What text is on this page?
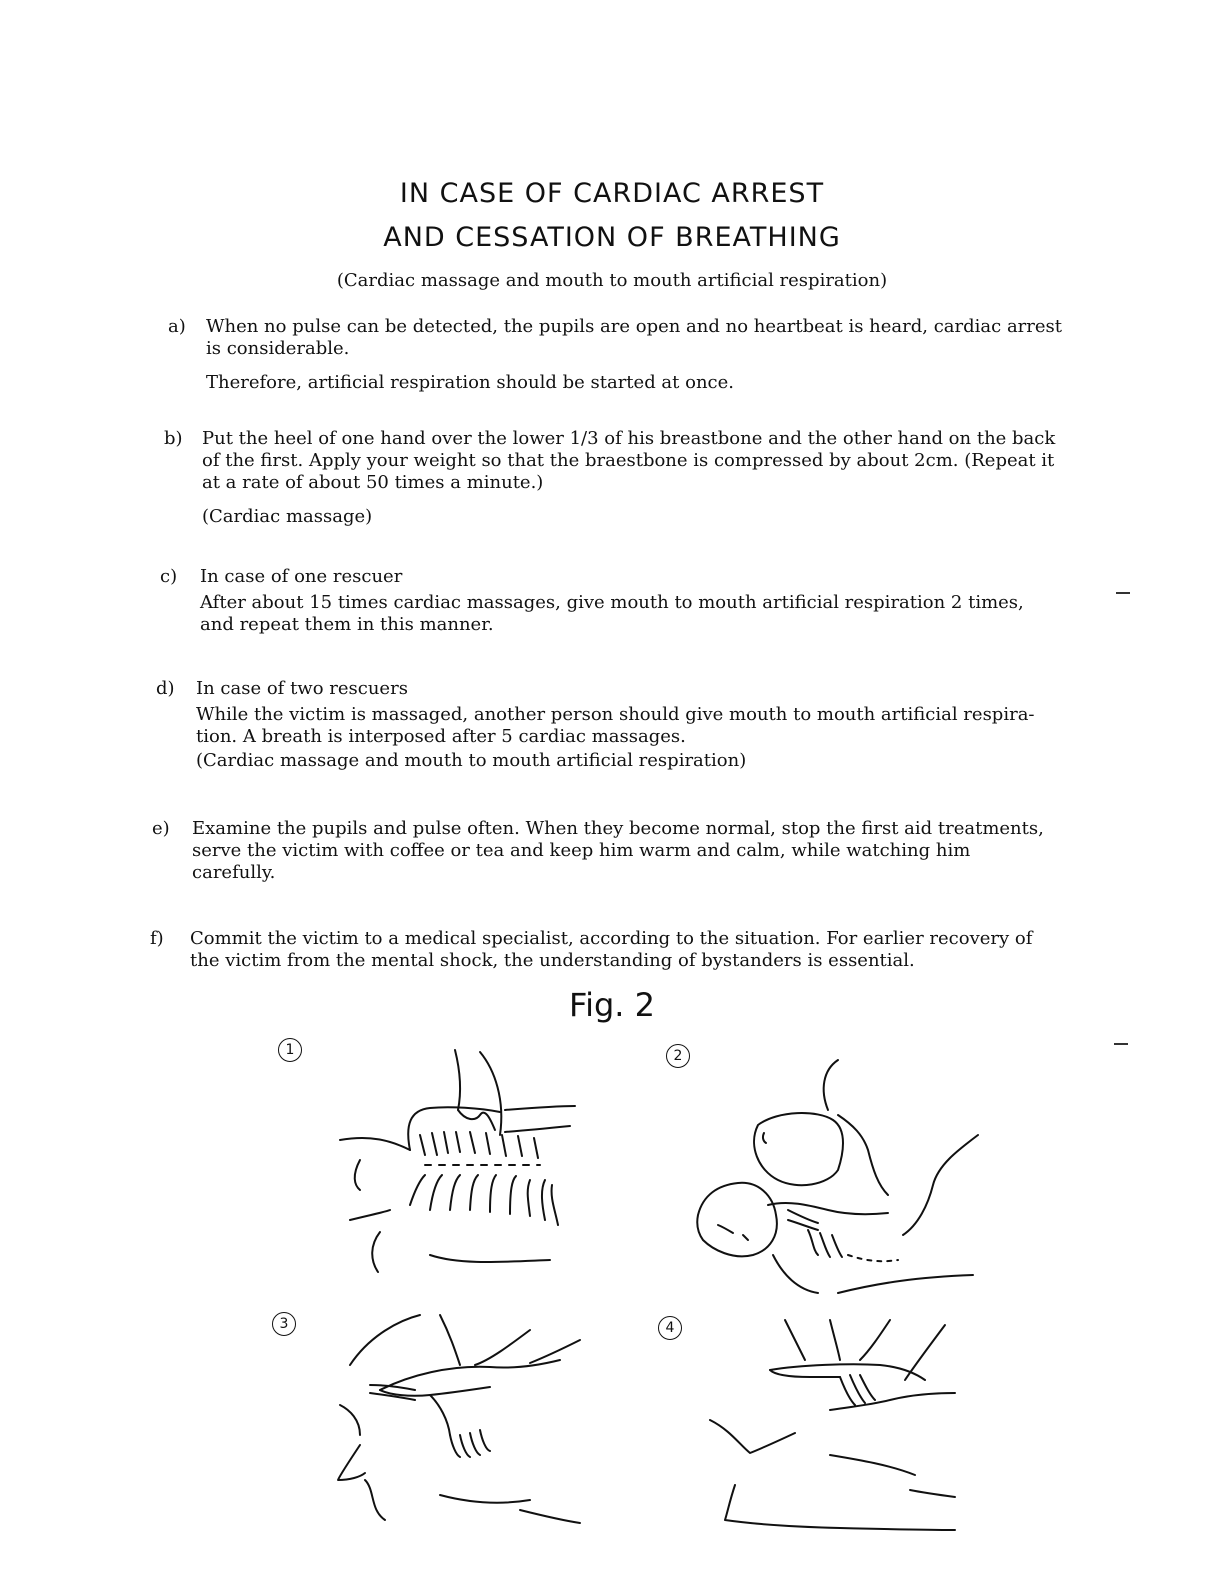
IN CASE OF CARDIAC ARREST
AND CESSATION OF BREATHING
(Cardiac massage and mouth to mouth artificial respiration)
a) When no pulse can be detected, the pupils are open and no heartbeat is heard, cardiac arrest is considerable.

Therefore, artificial respiration should be started at once.

b) Put the heel of one hand over the lower 1/3 of his breastbone and the other hand on the back of the first. Apply your weight so that the braestbone is compressed by about 2cm. (Repeat it at a rate of about 50 times a minute.)

(Cardiac massage)

c) In case of one rescuer

After about 15 times cardiac massages, give mouth to mouth artificial respiration 2 times, and repeat them in this manner.

d) In case of two rescuers

While the victim is massaged, another person should give mouth to mouth artificial respira-tion. A breath is interposed after 5 cardiac massages.

(Cardiac massage and mouth to mouth artificial respiration)

e) Examine the pupils and pulse often. When they become normal, stop the first aid treatments, serve the victim with coffee or tea and keep him warm and calm, while watching him carefully.

f) Commit the victim to a medical specialist, according to the situation. For earlier recovery of the victim from the mental shock, the understanding of bystanders is essential.

Fig. 2
1	2
3	4
